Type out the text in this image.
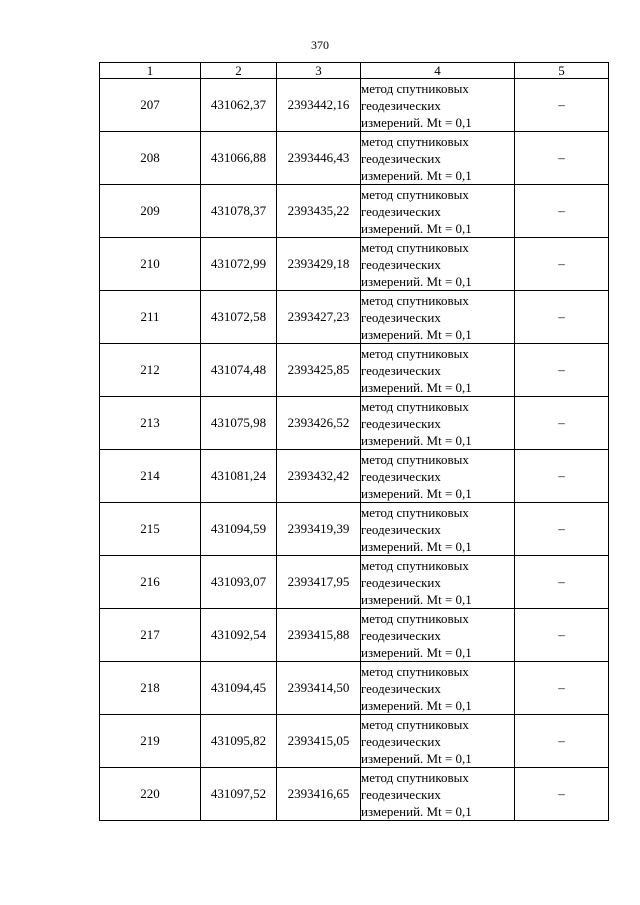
370
1	2	3	4	5
207	431062,37	2393442,16	метод спутниковых
геодезических
измерений. Mt = 0,1	–
208	431066,88	2393446,43	метод спутниковых
геодезических
измерений. Mt = 0,1	–
209	431078,37	2393435,22	метод спутниковых
геодезических
измерений. Mt = 0,1	–
210	431072,99	2393429,18	метод спутниковых
геодезических
измерений. Mt = 0,1	–
211	431072,58	2393427,23	метод спутниковых
геодезических
измерений. Mt = 0,1	–
212	431074,48	2393425,85	метод спутниковых
геодезических
измерений. Mt = 0,1	–
213	431075,98	2393426,52	метод спутниковых
геодезических
измерений. Mt = 0,1	–
214	431081,24	2393432,42	метод спутниковых
геодезических
измерений. Mt = 0,1	–
215	431094,59	2393419,39	метод спутниковых
геодезических
измерений. Mt = 0,1	–
216	431093,07	2393417,95	метод спутниковых
геодезических
измерений. Mt = 0,1	–
217	431092,54	2393415,88	метод спутниковых
геодезических
измерений. Mt = 0,1	–
218	431094,45	2393414,50	метод спутниковых
геодезических
измерений. Mt = 0,1	–
219	431095,82	2393415,05	метод спутниковых
геодезических
измерений. Mt = 0,1	–
220	431097,52	2393416,65	метод спутниковых
геодезических
измерений. Mt = 0,1	–
